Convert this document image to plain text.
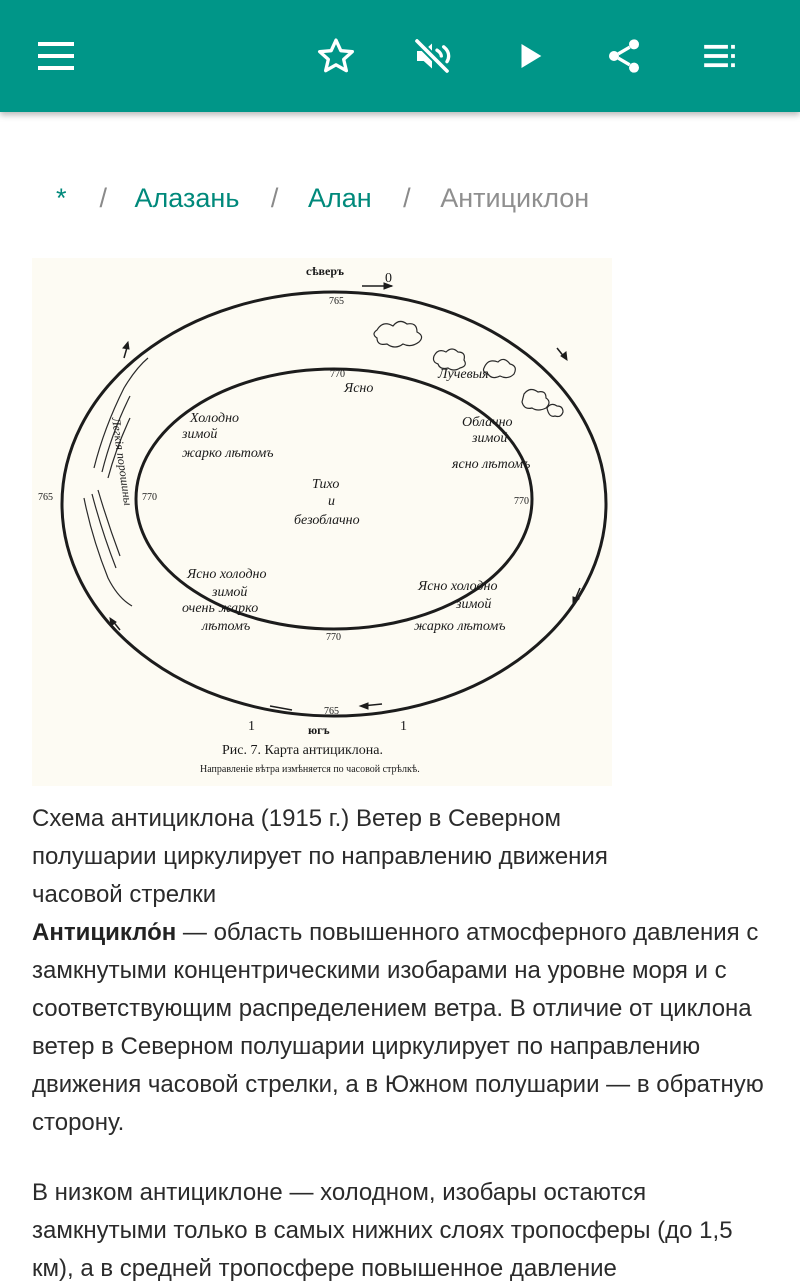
* / Алазань / Алан / Антициклон
сѣверъ	0
765
770
765	770	770
770
765
Ясно
Тихо
и
безоблачно
Холодно
зимой
жарко лѣтомъ
Облачно
зимой
ясно лѣтомъ
Ясно холодно
зимой
очень жарко
лѣтомъ
Ясно холодно
зимой
жарко лѣтомъ
Лучевыя
Легкія порошины
1	югъ	1
Рис. 7. Карта антициклона.
Направленіе вѣтра измѣняется по часовой стрѣлкѣ.
Схема антициклона (1915 г.) Ветер в Северном полушарии циркулирует по направлению движения часовой стрелки
Антицикло́н — область повышенного атмосферного давления с замкнутыми концентрическими изобарами на уровне моря и с соответствующим распределением ветра. В отличие от циклона ветер в Северном полушарии циркулирует по направлению движения часовой стрелки, а в Южном полушарии — в обратную сторону.
В низком антициклоне — холодном, изобары остаются замкнутыми только в самых нижних слоях тропосферы (до 1,5 км), а в средней тропосфере повышенное давление
